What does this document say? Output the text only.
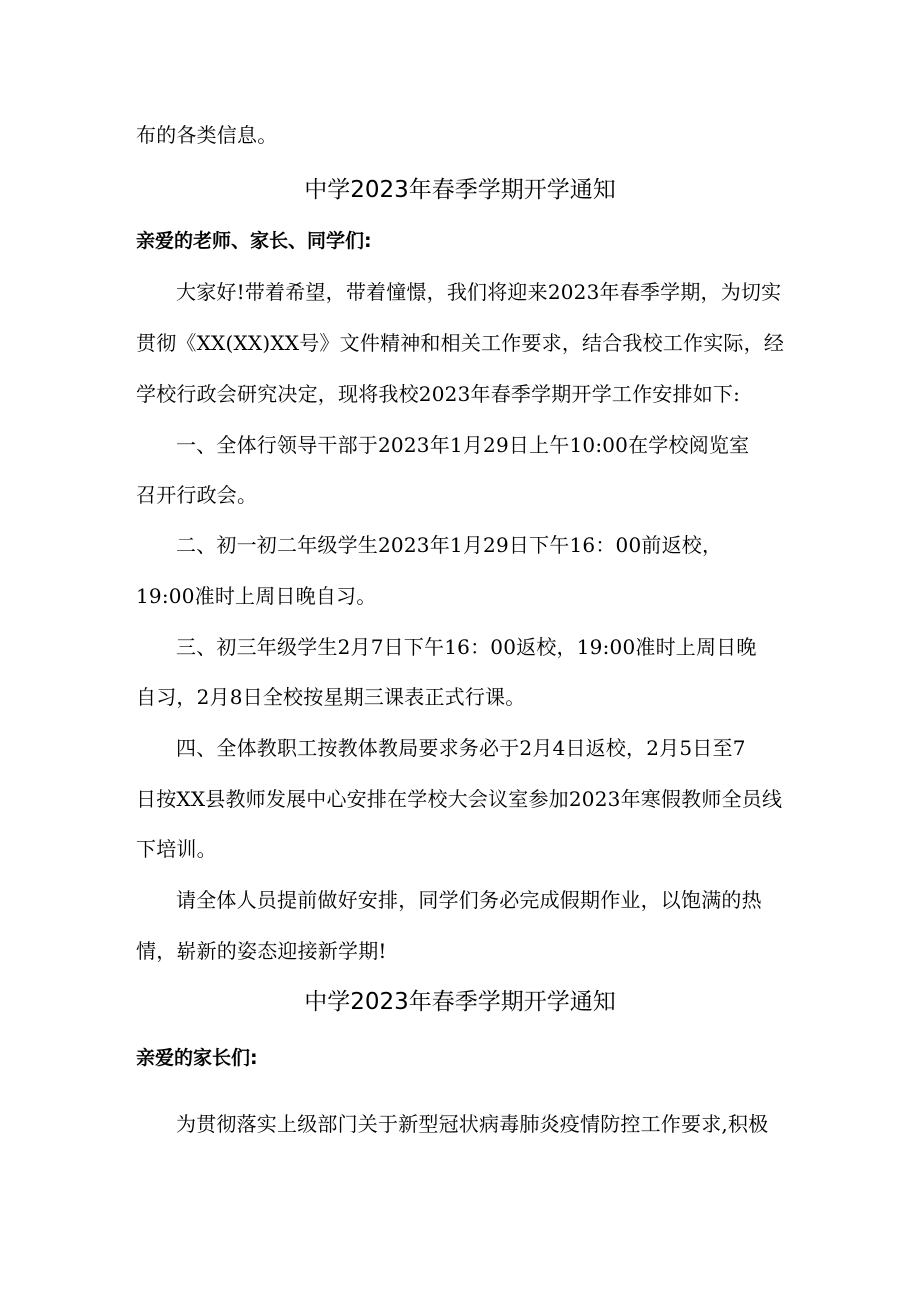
布的各类信息。
中学2023年春季学期开学通知
亲爱的老师、家长、同学们:
大家好!带着希望，带着憧憬，我们将迎来2023年春季学期，为切实
贯彻《XX(XX)XX号》文件精神和相关工作要求，结合我校工作实际，经
学校行政会研究决定，现将我校2023年春季学期开学工作安排如下:
一、全体行领导干部于2023年1月29日上午10:00在学校阅览室
召开行政会。
二、初一初二年级学生2023年1月29日下午16：00前返校，
19:00准时上周日晚自习。
三、初三年级学生2月7日下午16：00返校，19:00准时上周日晚
自习，2月8日全校按星期三课表正式行课。
四、全体教职工按教体教局要求务必于2月4日返校，2月5日至7
日按XX县教师发展中心安排在学校大会议室参加2023年寒假教师全员线
下培训。
请全体人员提前做好安排，同学们务必完成假期作业，以饱满的热
情，崭新的姿态迎接新学期!
中学2023年春季学期开学通知
亲爱的家长们:
为贯彻落实上级部门关于新型冠状病毒肺炎疫情防控工作要求,积极
